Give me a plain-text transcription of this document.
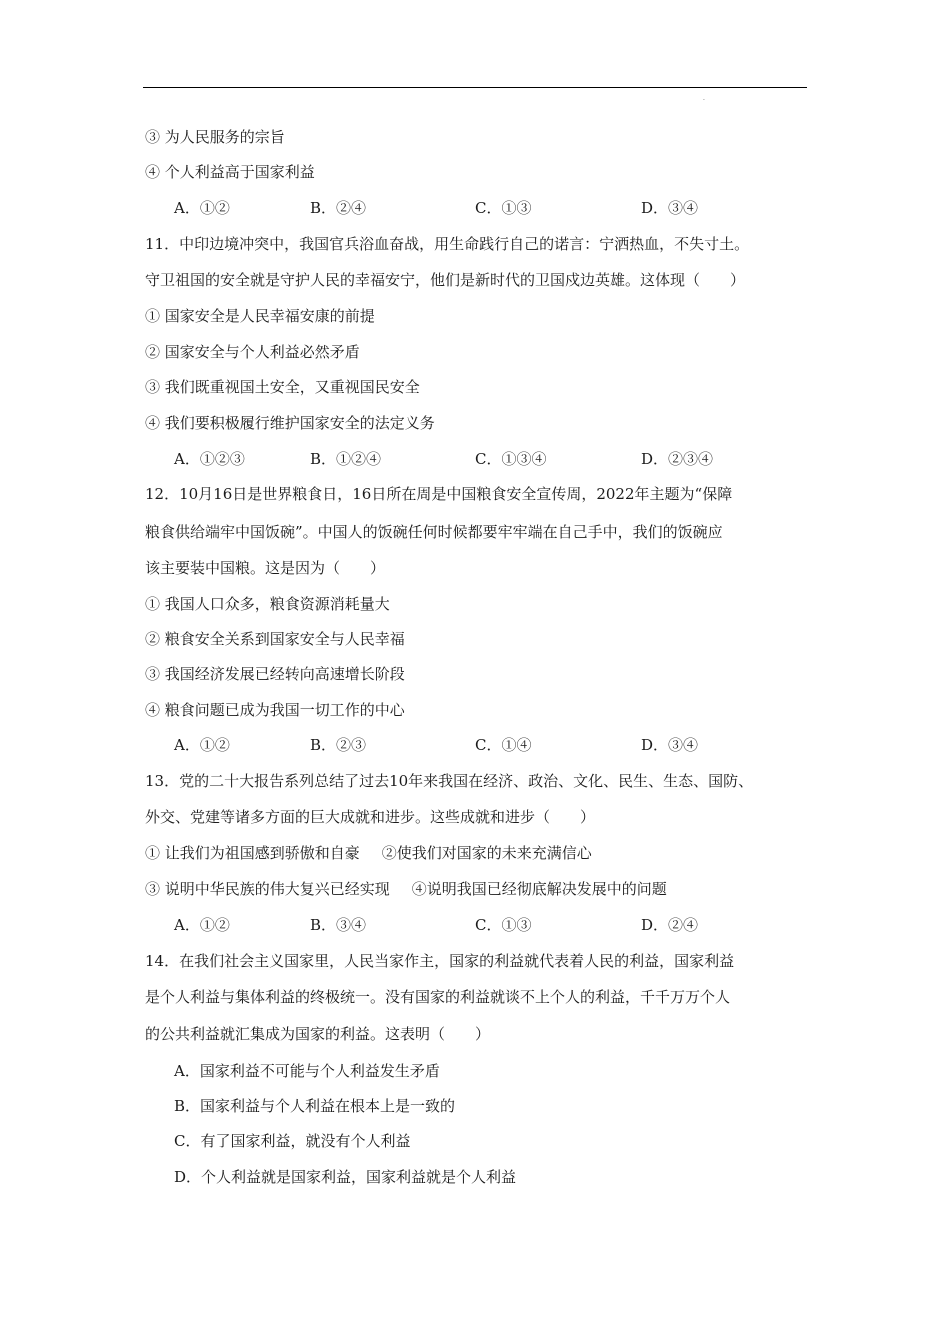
·
③ 为人民服务的宗旨
④ 个人利益高于国家利益
A．①②	B．②④	C．①③	D．③④
11．中印边境冲突中，我国官兵浴血奋战，用生命践行自己的诺言：宁洒热血，不失寸土。
守卫祖国的安全就是守护人民的幸福安宁，他们是新时代的卫国戍边英雄。这体现（　　）
① 国家安全是人民幸福安康的前提
② 国家安全与个人利益必然矛盾
③ 我们既重视国土安全，又重视国民安全
④ 我们要积极履行维护国家安全的法定义务
A．①②③	B．①②④	C．①③④	D．②③④
12．10月16日是世界粮食日，16日所在周是中国粮食安全宣传周，2022年主题为“保障
粮食供给端牢中国饭碗”。中国人的饭碗任何时候都要牢牢端在自己手中，我们的饭碗应
该主要装中国粮。这是因为（　　）
① 我国人口众多，粮食资源消耗量大
② 粮食安全关系到国家安全与人民幸福
③ 我国经济发展已经转向高速增长阶段
④ 粮食问题已成为我国一切工作的中心
A．①②	B．②③	C．①④	D．③④
13．党的二十大报告系列总结了过去10年来我国在经济、政治、文化、民生、生态、国防、
外交、党建等诸多方面的巨大成就和进步。这些成就和进步（　　）
① 让我们为祖国感到骄傲和自豪 ②使我们对国家的未来充满信心
③ 说明中华民族的伟大复兴已经实现 ④说明我国已经彻底解决发展中的问题
A．①②	B．③④	C．①③	D．②④
14．在我们社会主义国家里，人民当家作主，国家的利益就代表着人民的利益，国家利益
是个人利益与集体利益的终极统一。没有国家的利益就谈不上个人的利益，千千万万个人
的公共利益就汇集成为国家的利益。这表明（　　）
A．国家利益不可能与个人利益发生矛盾
B．国家利益与个人利益在根本上是一致的
C．有了国家利益，就没有个人利益
D．个人利益就是国家利益，国家利益就是个人利益
